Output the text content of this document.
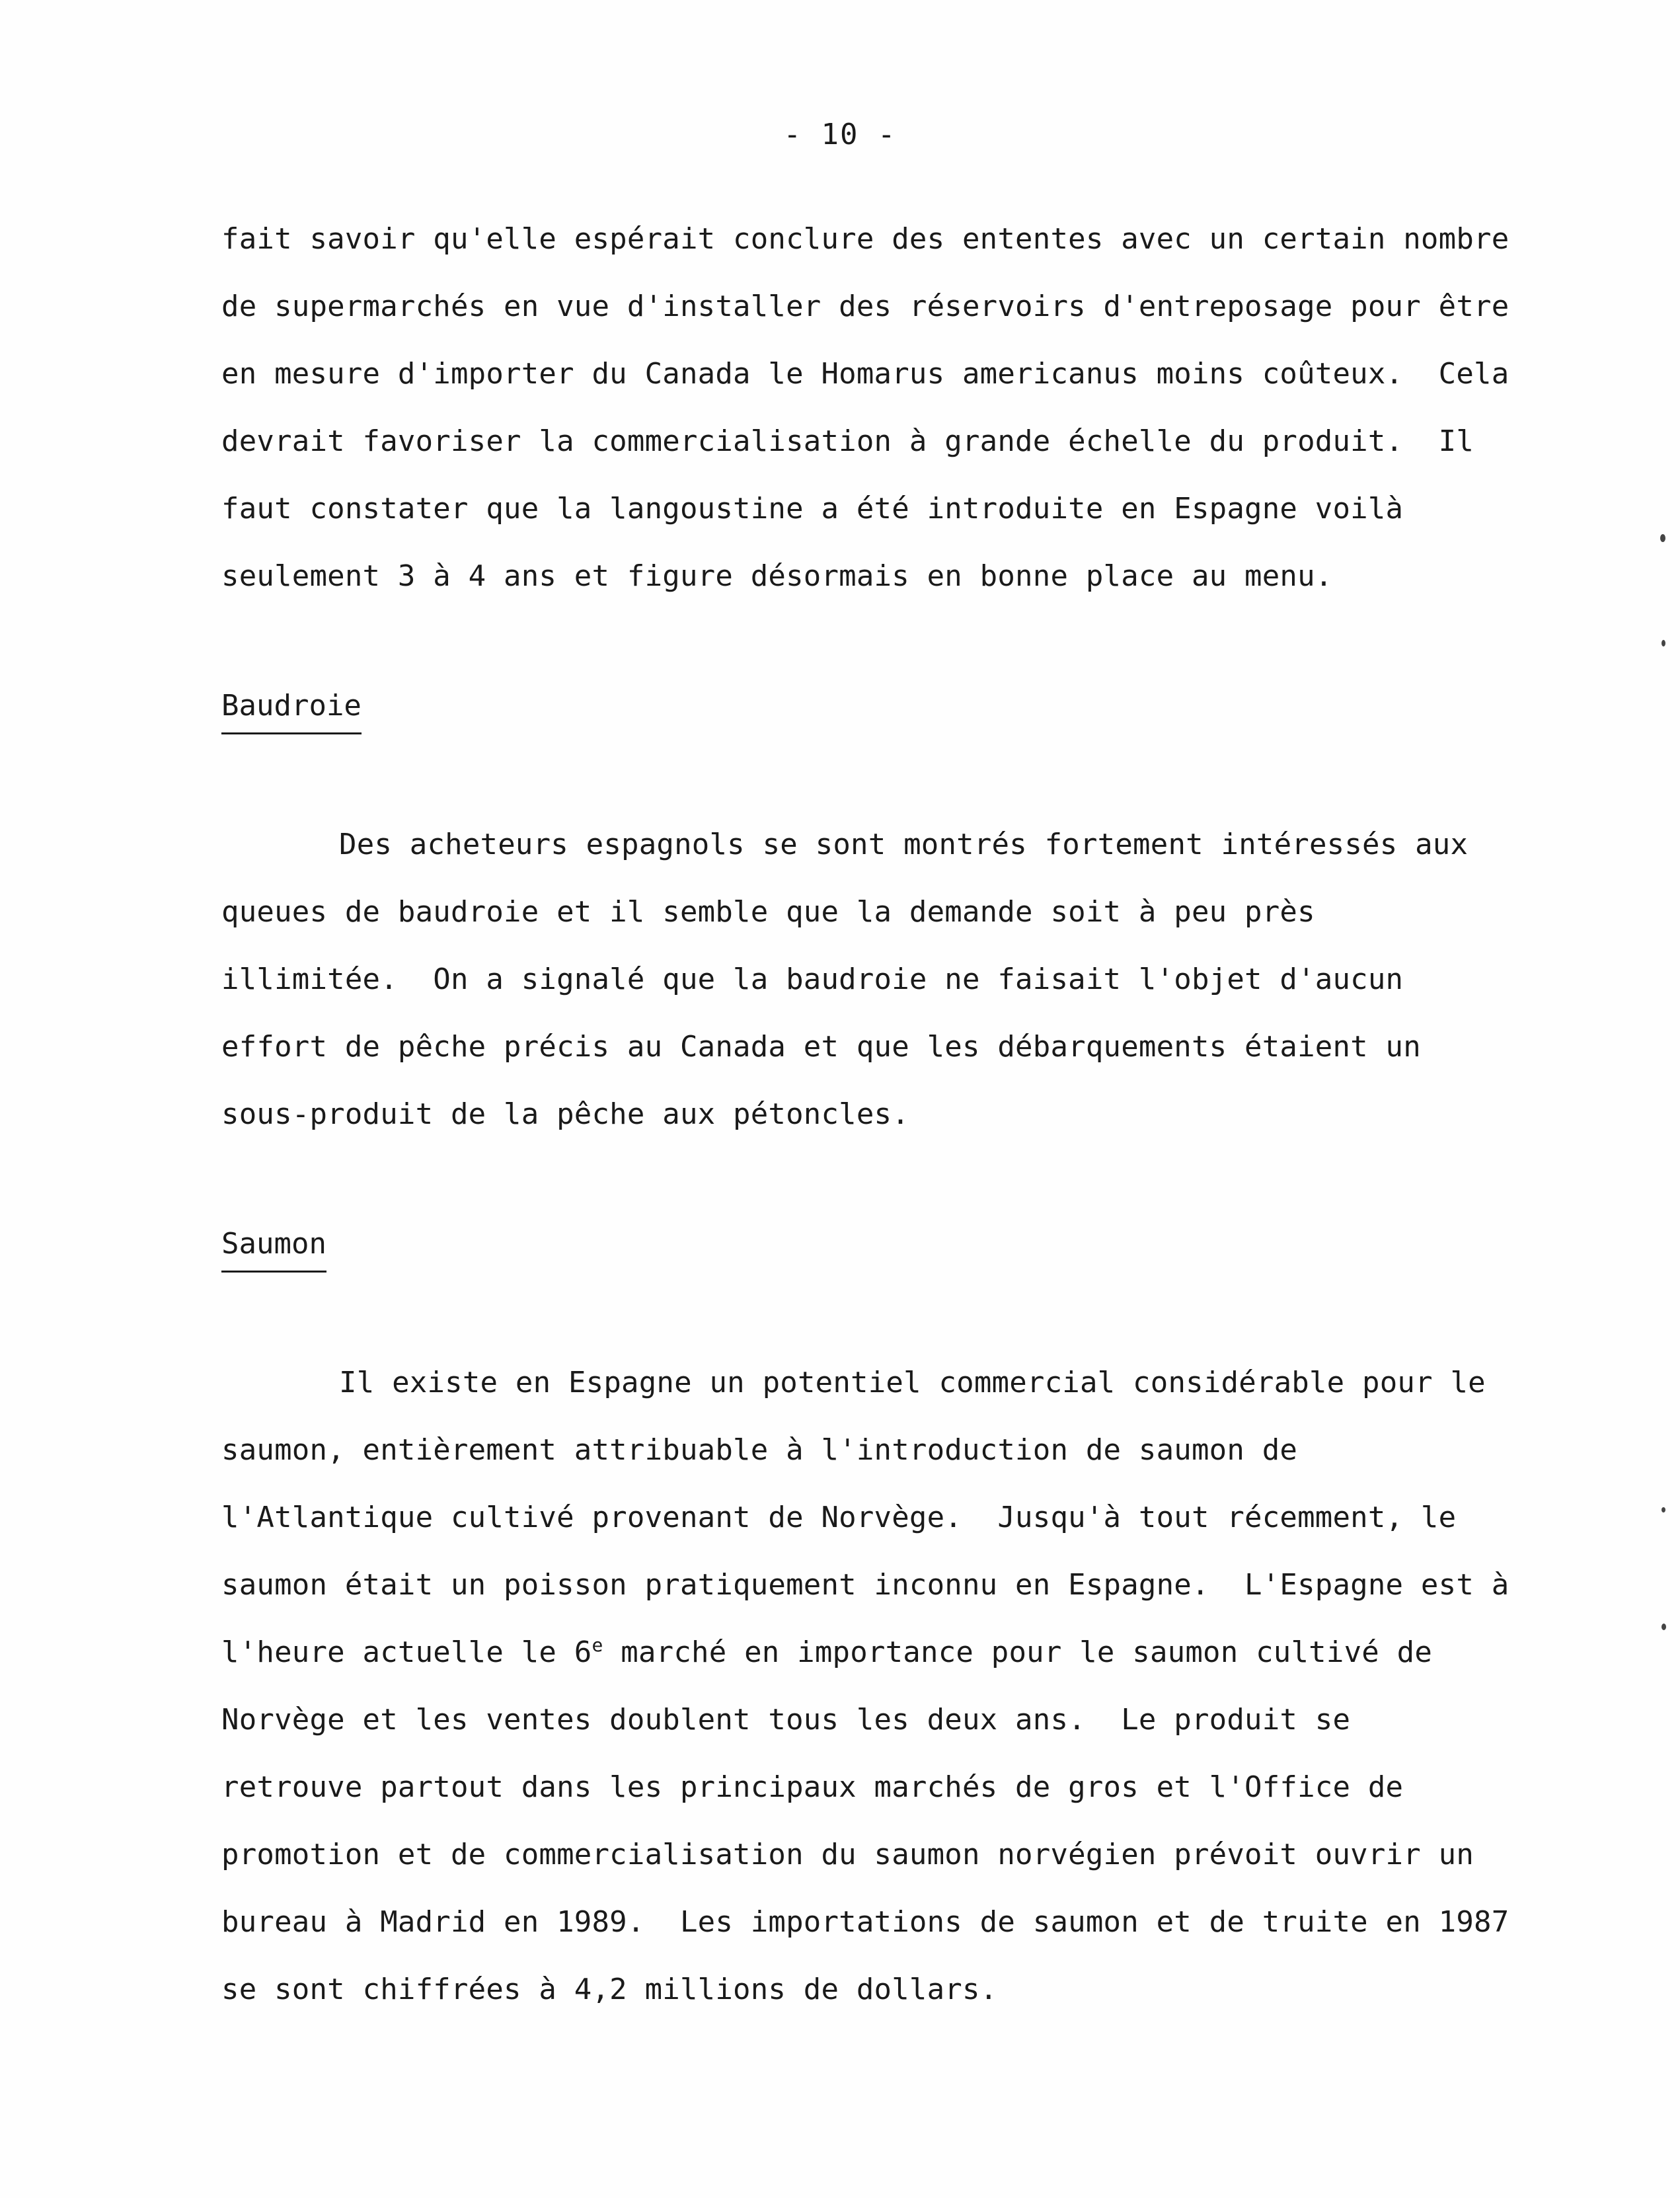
- 10 -
fait savoir qu'elle espérait conclure des ententes avec un certain nombre
de supermarchés en vue d'installer des réservoirs d'entreposage pour être
en mesure d'importer du Canada le Homarus americanus moins coûteux.  Cela
devrait favoriser la commercialisation à grande échelle du produit.  Il
faut constater que la langoustine a été introduite en Espagne voilà
seulement 3 à 4 ans et figure désormais en bonne place au menu.
Baudroie
Des acheteurs espagnols se sont montrés fortement intéressés aux
queues de baudroie et il semble que la demande soit à peu près
illimitée.  On a signalé que la baudroie ne faisait l'objet d'aucun
effort de pêche précis au Canada et que les débarquements étaient un
sous-produit de la pêche aux pétoncles.
Saumon
Il existe en Espagne un potentiel commercial considérable pour le
saumon, entièrement attribuable à l'introduction de saumon de
l'Atlantique cultivé provenant de Norvège.  Jusqu'à tout récemment, le
saumon était un poisson pratiquement inconnu en Espagne.  L'Espagne est à
l'heure actuelle le 6e marché en importance pour le saumon cultivé de
Norvège et les ventes doublent tous les deux ans.  Le produit se
retrouve partout dans les principaux marchés de gros et l'Office de
promotion et de commercialisation du saumon norvégien prévoit ouvrir un
bureau à Madrid en 1989.  Les importations de saumon et de truite en 1987
se sont chiffrées à 4,2 millions de dollars.
